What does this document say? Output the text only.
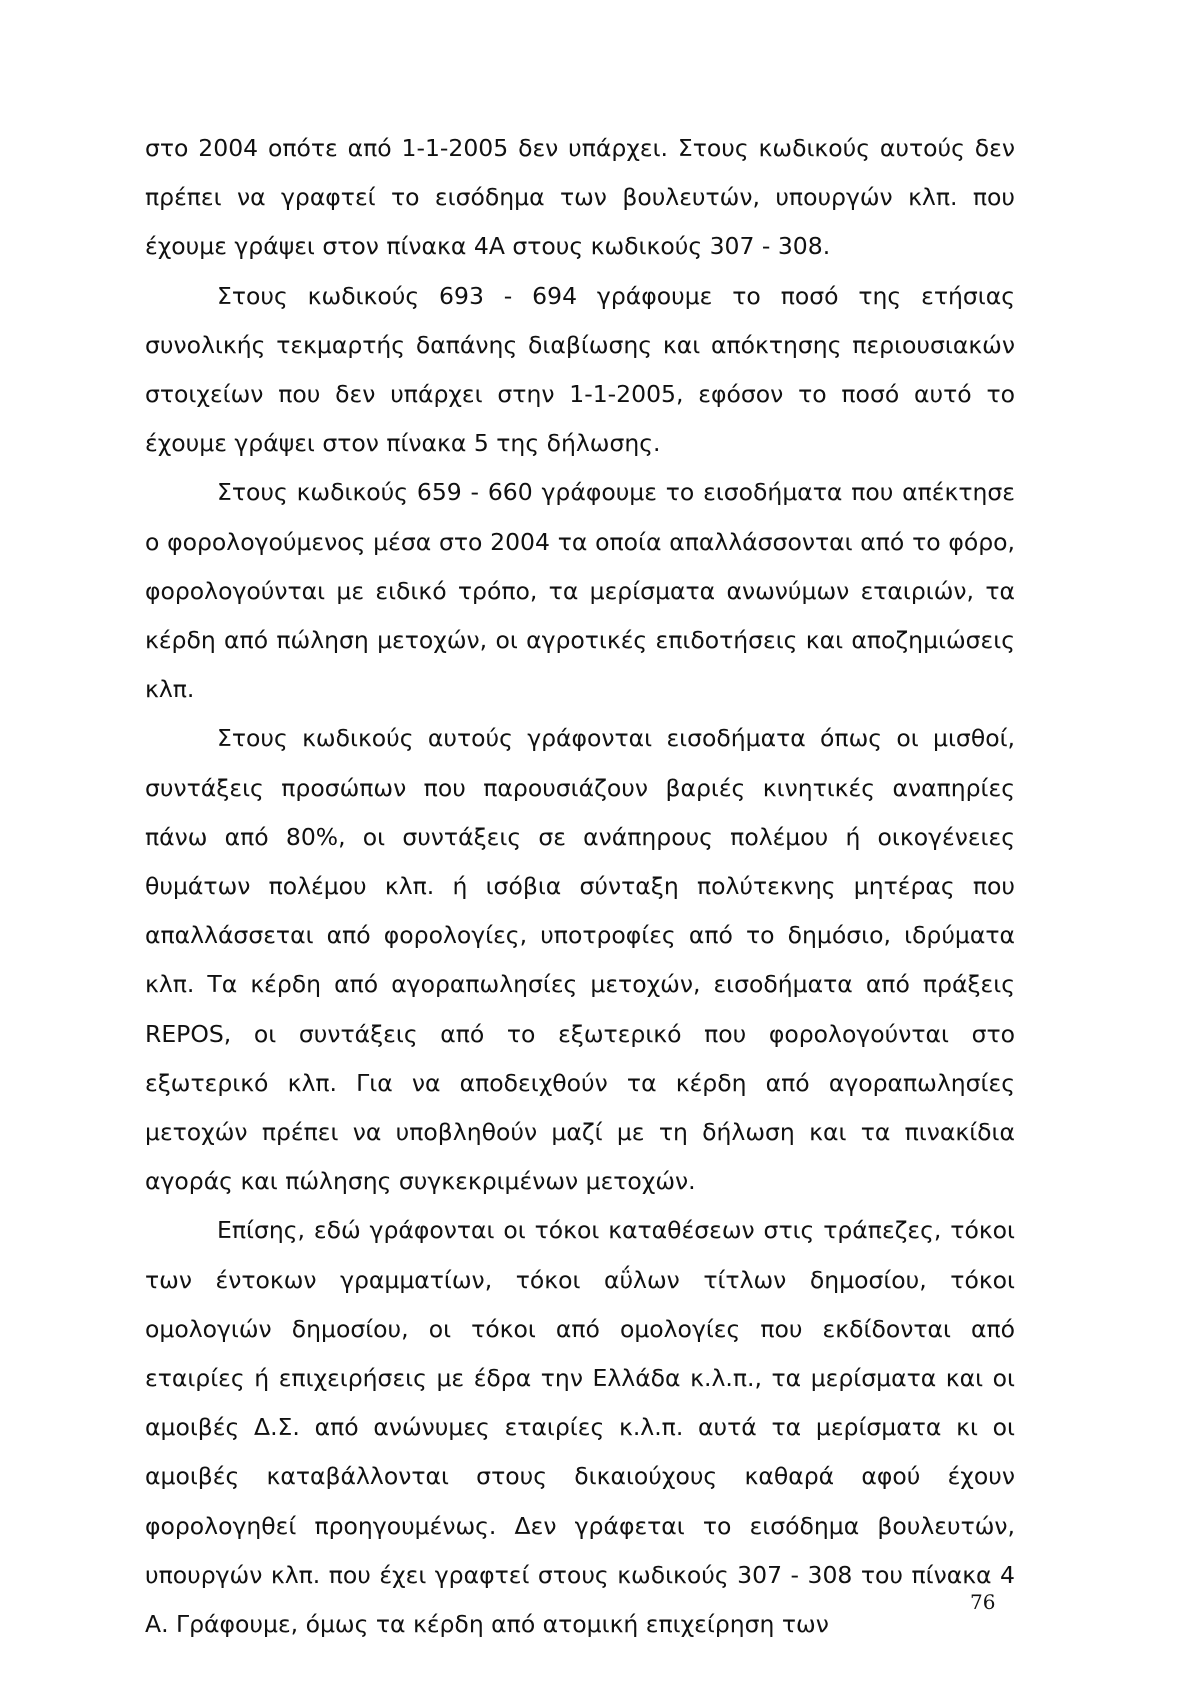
στο 2004 οπότε από 1-1-2005 δεν υπάρχει. Στους κωδικούς αυτούς δεν πρέπει να γραφτεί το εισόδημα των βουλευτών, υπουργών κλπ. που έχουμε γράψει στον πίνακα 4Α στους κωδικούς 307 - 308.

Στους κωδικούς 693 - 694 γράφουμε το ποσό της ετήσιας συνολικής τεκμαρτής δαπάνης διαβίωσης και απόκτησης περιουσιακών στοιχείων που δεν υπάρχει στην 1-1-2005, εφόσον το ποσό αυτό το έχουμε γράψει στον πίνακα 5 της δήλωσης.

Στους κωδικούς 659 - 660 γράφουμε το εισοδήματα που απέκτησε ο φορολογούμενος μέσα στο 2004 τα οποία απαλλάσσονται από το φόρο, φορολογούνται με ειδικό τρόπο, τα μερίσματα ανωνύμων εταιριών, τα κέρδη από πώληση μετοχών, οι αγροτικές επιδοτήσεις και αποζημιώσεις κλπ.

Στους κωδικούς αυτούς γράφονται εισοδήματα όπως οι μισθοί, συντάξεις προσώπων που παρουσιάζουν βαριές κινητικές αναπηρίες πάνω από 80%, οι συντάξεις σε ανάπηρους πολέμου ή οικογένειες θυμάτων πολέμου κλπ. ή ισόβια σύνταξη πολύτεκνης μητέρας που απαλλάσσεται από φορολογίες, υποτροφίες από το δημόσιο, ιδρύματα κλπ. Τα κέρδη από αγοραπωλησίες μετοχών, εισοδήματα από πράξεις REPOS, οι συντάξεις από το εξωτερικό που φορολογούνται στο εξωτερικό κλπ. Για να αποδειχθούν τα κέρδη από αγοραπωλησίες μετοχών πρέπει να υποβληθούν μαζί με τη δήλωση και τα πινακίδια αγοράς και πώλησης συγκεκριμένων μετοχών.

Επίσης, εδώ γράφονται οι τόκοι καταθέσεων στις τράπεζες, τόκοι των έντοκων γραμματίων, τόκοι αΰλων τίτλων δημοσίου, τόκοι ομολογιών δημοσίου, οι τόκοι από ομολογίες που εκδίδονται από εταιρίες ή επιχειρήσεις με έδρα την Ελλάδα κ.λ.π., τα μερίσματα και οι αμοιβές Δ.Σ. από ανώνυμες εταιρίες κ.λ.π. αυτά τα μερίσματα κι οι αμοιβές καταβάλλονται στους δικαιούχους καθαρά αφού έχουν φορολογηθεί προηγουμένως. Δεν γράφεται το εισόδημα βουλευτών, υπουργών κλπ. που έχει γραφτεί στους κωδικούς 307 - 308 του πίνακα 4 Α. Γράφουμε, όμως τα κέρδη από ατομική επιχείρηση των

76
